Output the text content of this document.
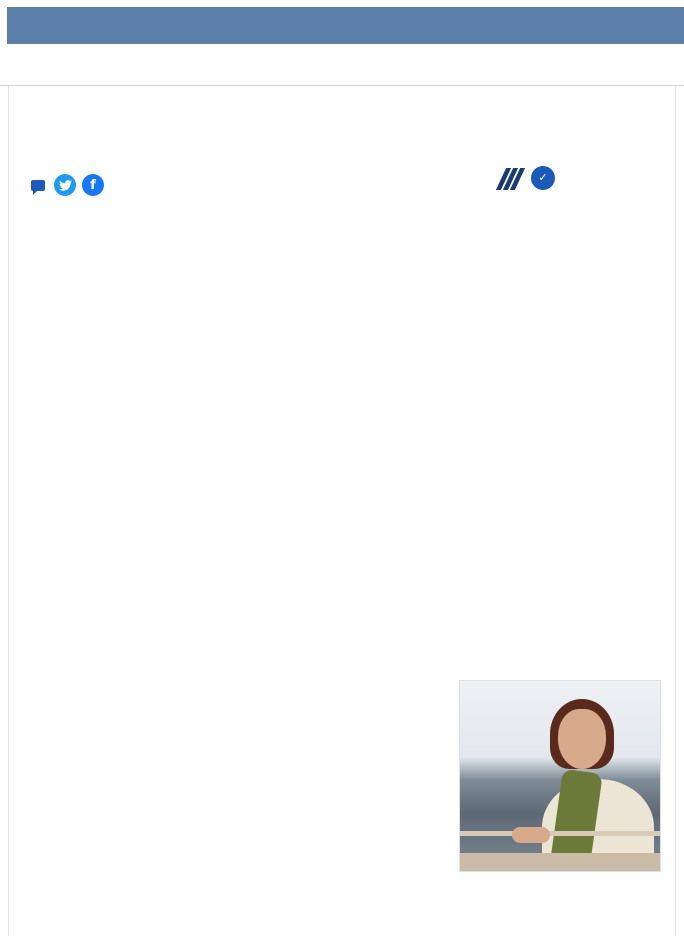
f	✓
